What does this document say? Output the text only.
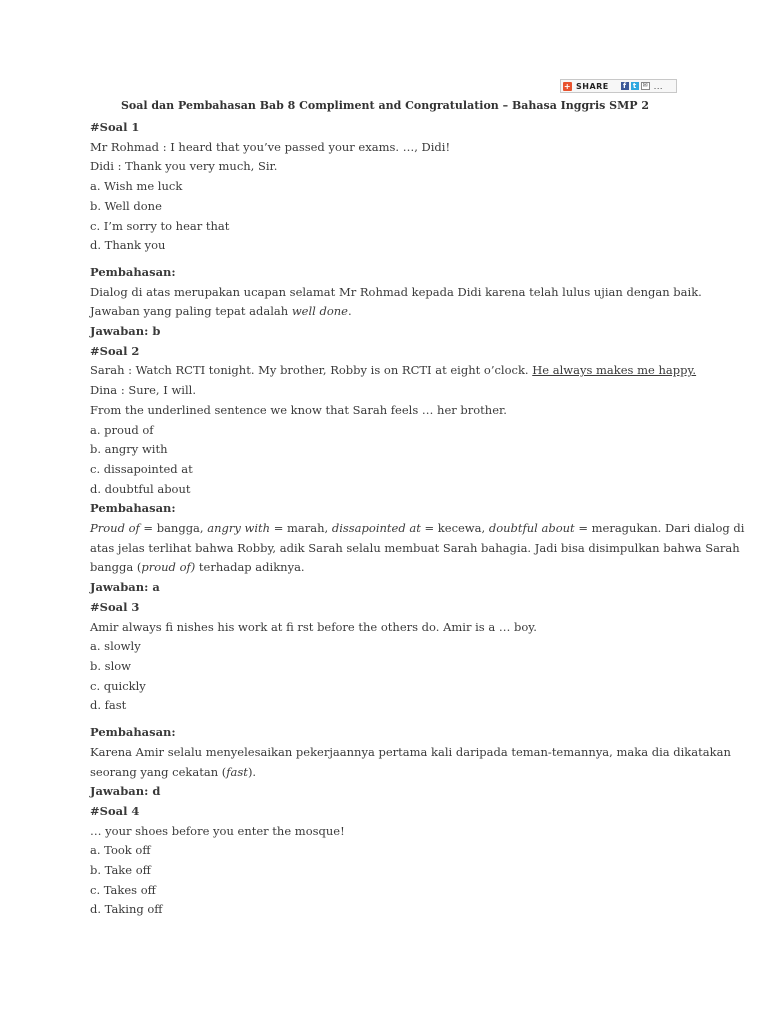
+ SHARE	f t ✉ ...
Soal dan Pembahasan Bab 8 Compliment and Congratulation – Bahasa Inggris SMP 2
#Soal 1
Mr Rohmad : I heard that you’ve passed your exams. …, Didi!
Didi : Thank you very much, Sir.
a. Wish me luck
b. Well done
c. I’m sorry to hear that
d. Thank you
Pembahasan:
Dialog di atas merupakan ucapan selamat Mr Rohmad kepada Didi karena telah lulus ujian dengan baik.
Jawaban yang paling tepat adalah well done.
Jawaban: b
#Soal 2
Sarah : Watch RCTI tonight. My brother, Robby is on RCTI at eight o’clock. He always makes me happy.
Dina : Sure, I will.
From the underlined sentence we know that Sarah feels … her brother.
a. proud of
b. angry with
c. dissapointed at
d. doubtful about
Pembahasan:
Proud of = bangga, angry with = marah, dissapointed at = kecewa, doubtful about = meragukan. Dari dialog di
atas jelas terlihat bahwa Robby, adik Sarah selalu membuat Sarah bahagia. Jadi bisa disimpulkan bahwa Sarah
bangga (proud of) terhadap adiknya.
Jawaban: a
#Soal 3
Amir always fi nishes his work at fi rst before the others do. Amir is a … boy.
a. slowly
b. slow
c. quickly
d. fast
Pembahasan:
Karena Amir selalu menyelesaikan pekerjaannya pertama kali daripada teman-temannya, maka dia dikatakan
seorang yang cekatan (fast).
Jawaban: d
#Soal 4
… your shoes before you enter the mosque!
a. Took off
b. Take off
c. Takes off
d. Taking off
